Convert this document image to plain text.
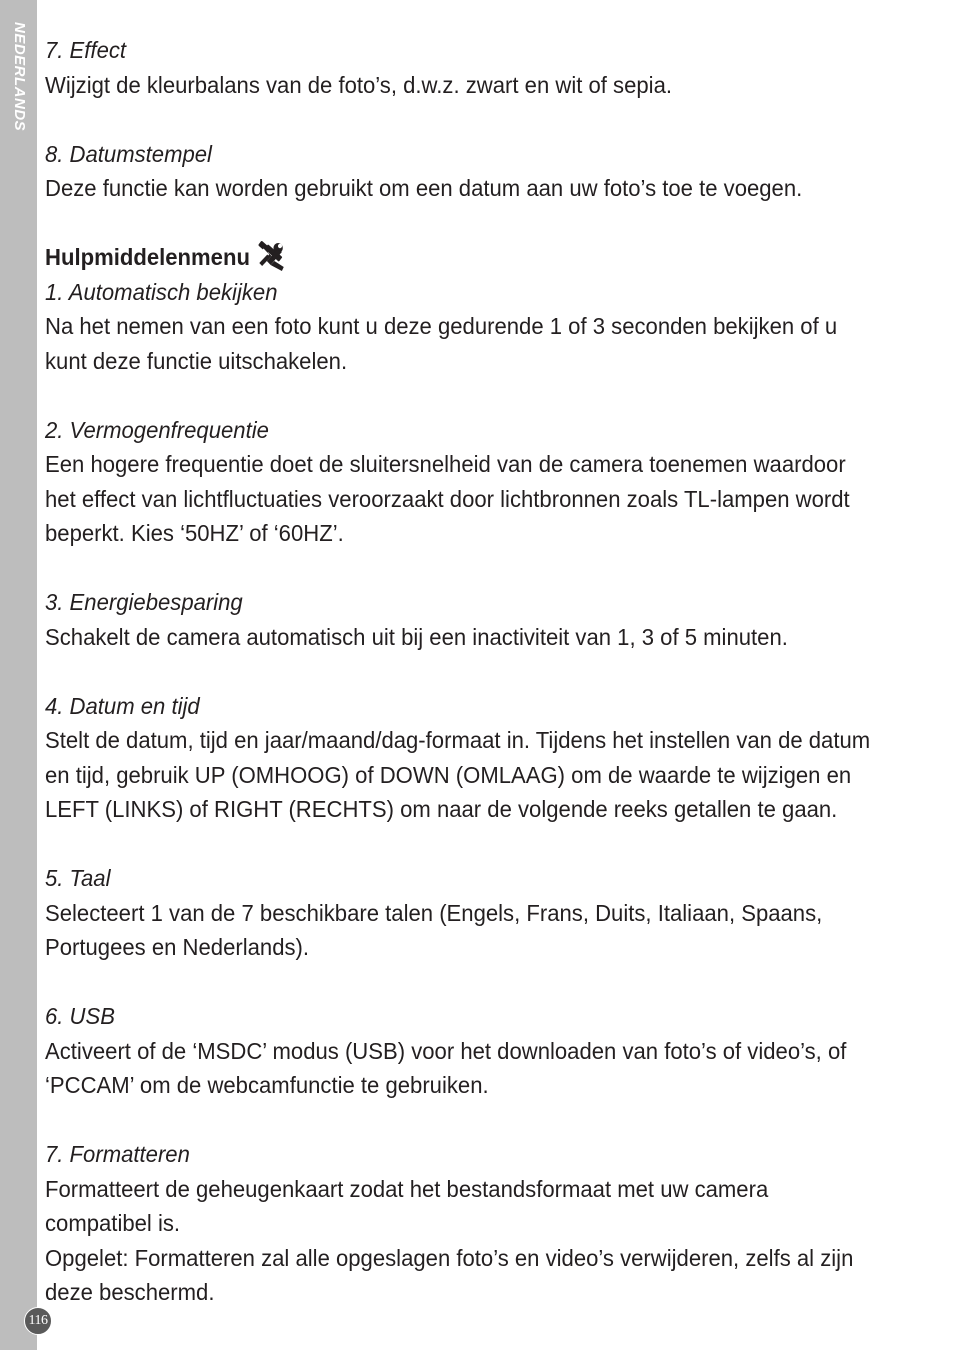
NEDERLANDS
116

7. Effect

Wijzigt de kleurbalans van de foto’s, d.w.z. zwart en wit of sepia.

8. Datumstempel

Deze functie kan worden gebruikt om een datum aan uw foto’s toe te voegen.

Hulpmiddelenmenu

1. Automatisch bekijken

Na het nemen van een foto kunt u deze gedurende 1 of 3 seconden bekijken of u

kunt deze functie uitschakelen.

2. Vermogenfrequentie

Een hogere frequentie doet de sluitersnelheid van de camera toenemen waardoor

het effect van lichtfluctuaties veroorzaakt door lichtbronnen zoals TL-lampen wordt

beperkt. Kies ‘50HZ’ of ‘60HZ’.

3. Energiebesparing

Schakelt de camera automatisch uit bij een inactiviteit van 1, 3 of 5 minuten.

4. Datum en tijd

Stelt de datum, tijd en jaar/maand/dag-formaat in. Tijdens het instellen van de datum

en tijd, gebruik UP (OMHOOG) of DOWN (OMLAAG) om de waarde te wijzigen en

LEFT (LINKS) of RIGHT (RECHTS) om naar de volgende reeks getallen te gaan.

5. Taal

Selecteert 1 van de 7 beschikbare talen (Engels, Frans, Duits, Italiaan, Spaans,

Portugees en Nederlands).

6. USB

Activeert of de ‘MSDC’ modus (USB) voor het downloaden van foto’s of video’s, of

‘PCCAM’ om de webcamfunctie te gebruiken.

7. Formatteren

Formatteert de geheugenkaart zodat het bestandsformaat met uw camera

compatibel is.

Opgelet: Formatteren zal alle opgeslagen foto’s en video’s verwijderen, zelfs al zijn

deze beschermd.
